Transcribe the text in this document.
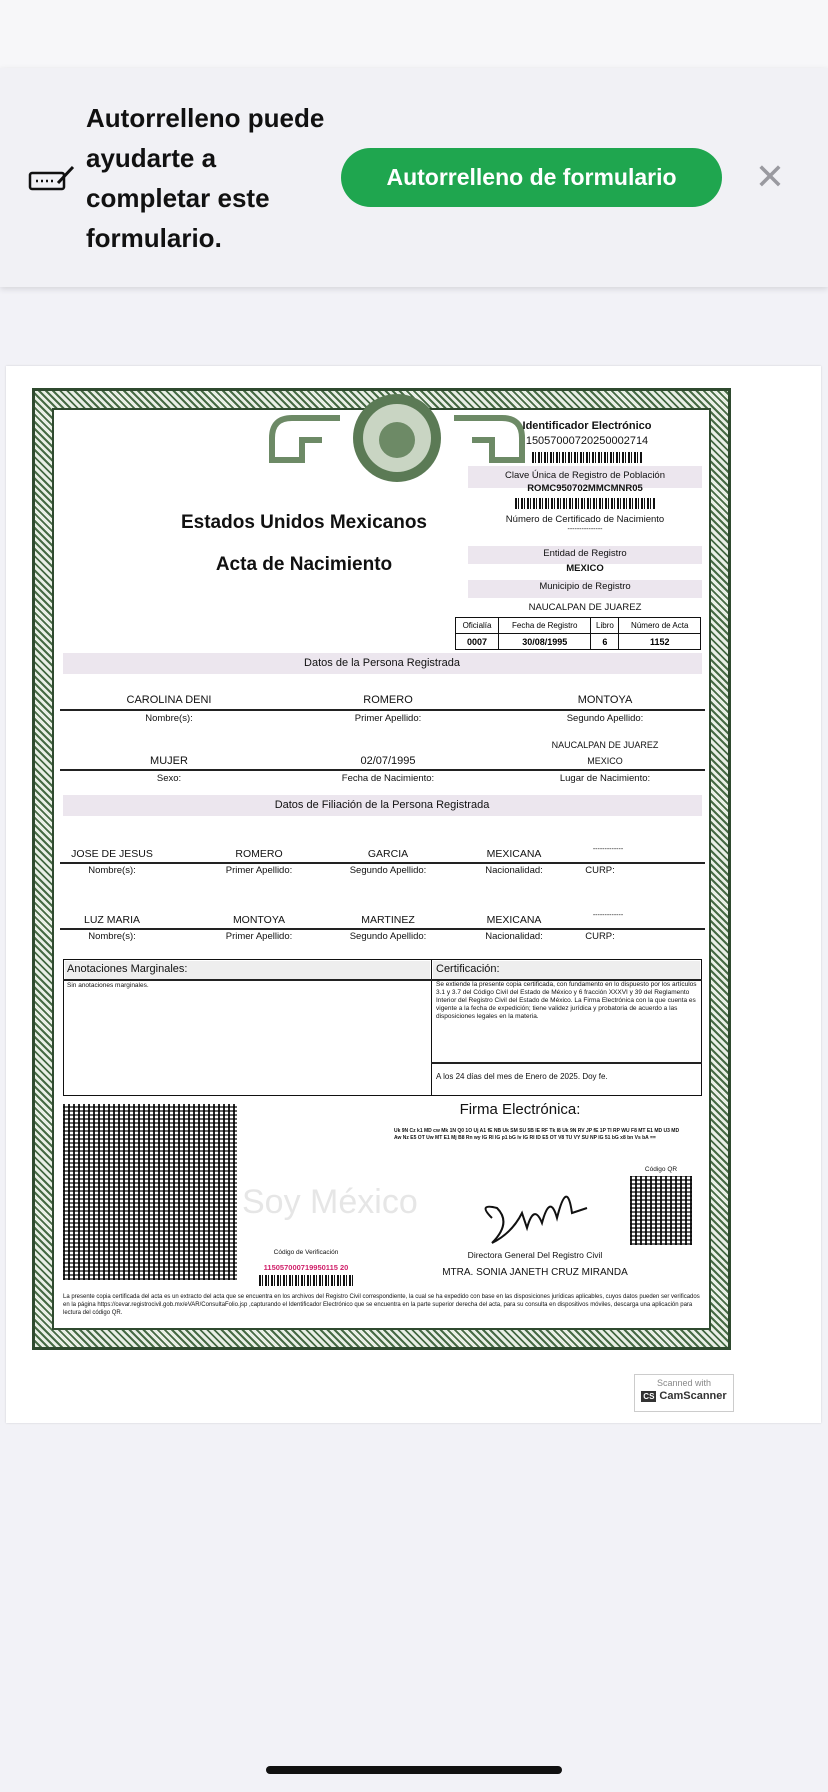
Autorrelleno puede ayudarte a completar este formulario.
Autorrelleno de formulario	✕
Estados Unidos Mexicanos
Acta de Nacimiento
Identificador Electrónico
15057000720250002714
Clave Única de Registro de Población
ROMC950702MMCMNR05
Número de Certificado de Nacimiento
---------------
Entidad de Registro
MEXICO
Municipio de Registro
NAUCALPAN DE JUAREZ
Oficialía	Fecha de Registro	Libro	Número de Acta
0007	30/08/1995	6	1152
Datos de la Persona Registrada
CAROLINA DENI	ROMERO	MONTOYA
Nombre(s):	Primer Apellido:	Segundo Apellido:
NAUCALPAN DE JUAREZ
MUJER	02/07/1995	MEXICO
Sexo:	Fecha de Nacimiento:	Lugar de Nacimiento:
Datos de Filiación de la Persona Registrada
JOSE DE JESUS	ROMERO	GARCIA	MEXICANA	-------------
Nombre(s):	Primer Apellido:	Segundo Apellido:	Nacionalidad:	CURP:
LUZ MARIA	MONTOYA	MARTINEZ	MEXICANA	-------------
Nombre(s):	Primer Apellido:	Segundo Apellido:	Nacionalidad:	CURP:
Anotaciones Marginales:
Sin anotaciones marginales.
Certificación:
Se extiende la presente copia certificada, con fundamento en lo dispuesto por los artículos 3.1 y 3.7 del Código Civil del Estado de México y 6 fracción XXXVI y 39 del Reglamento Interior del Registro Civil del Estado de México. La Firma Electrónica con la que cuenta es vigente a la fecha de expedición; tiene validez jurídica y probatoria de acuerdo a las disposiciones legales en la materia.
A los 24 días del mes de Enero de 2025. Doy fe.
Soy México
Firma Electrónica:
Uk 9N Cz k1 MD cw Mk 1N Q0 1O Uj A1 fE NB Uk SM SU 5B IE RF Tk I8 Uk 9N RV JP fE 1P Tl RP WU F8 MT E1 MD U3 MD Aw Nz E5 OT Uw MT E1 Mj B8 Rn wy IG RI IG p1 bG lv IG RI ID E5 OT V8 TU VY SU NP IG 51 bG x8 bn Vs bA ==
Código QR
Directora General Del Registro Civil
MTRA. SONIA JANETH CRUZ MIRANDA
Código de Verificación
115057000719950115 20
La presente copia certificada del acta es un extracto del acta que se encuentra en los archivos del Registro Civil correspondiente, la cual se ha expedido con base en las disposiciones jurídicas aplicables, cuyos datos pueden ser verificados en la página https://cevar.registrocivil.gob.mx/eVAR/ConsultaFolio.jsp ,capturando el Identificador Electrónico que se encuentra en la parte superior derecha del acta, para su consulta en dispositivos móviles, descarga una aplicación para lectura del código QR.
Scanned with
CS CamScanner
